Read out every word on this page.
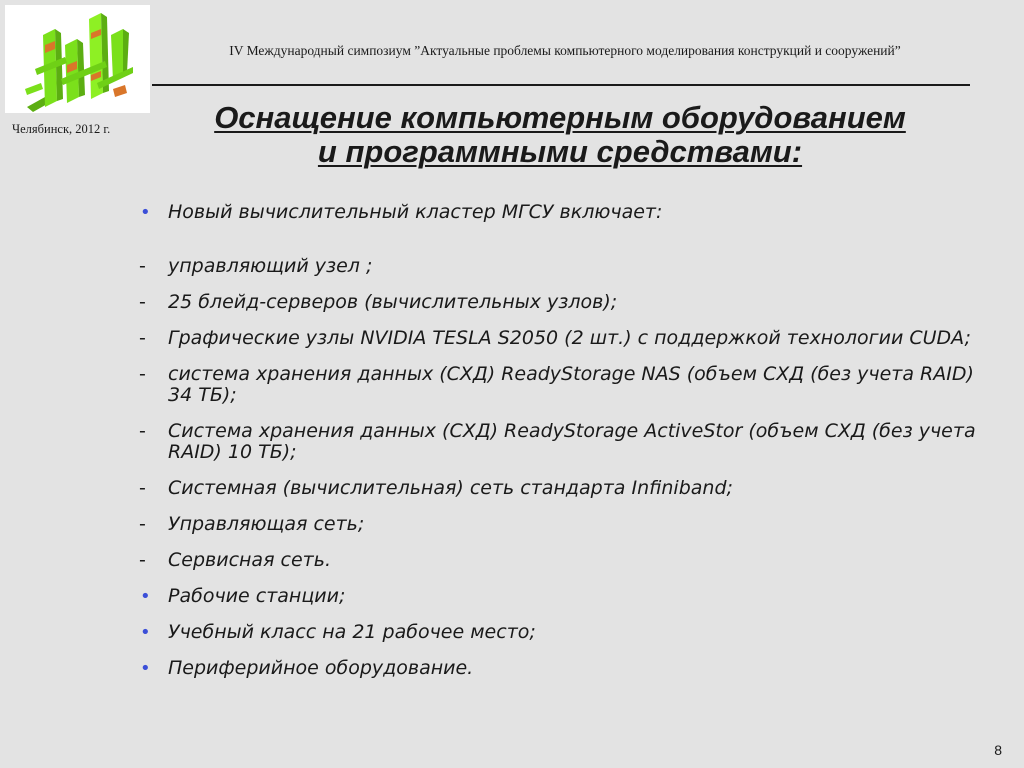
Челябинск, 2012 г.
IV Международный симпозиум ”Актуальные проблемы компьютерного моделирования конструкций и сооружений”
Оснащение компьютерным оборудованием
и программными средствами:
• Новый вычислительный кластер МГСУ включает:
- управляющий узел ;
- 25 блейд-серверов (вычислительных узлов);
- Графические узлы NVIDIA TESLA S2050 (2 шт.) с поддержкой технологии CUDA;
- система хранения данных (СХД) ReadyStorage NAS (объем СХД (без учета RAID) 34 ТБ);
- Система хранения данных (СХД) ReadyStorage ActiveStor (объем СХД (без учета RAID) 10 ТБ);
- Системная (вычислительная) сеть стандарта Infiniband;
- Управляющая сеть;
- Сервисная сеть.
• Рабочие станции;
• Учебный класс на 21 рабочее место;
• Периферийное оборудование.
8
